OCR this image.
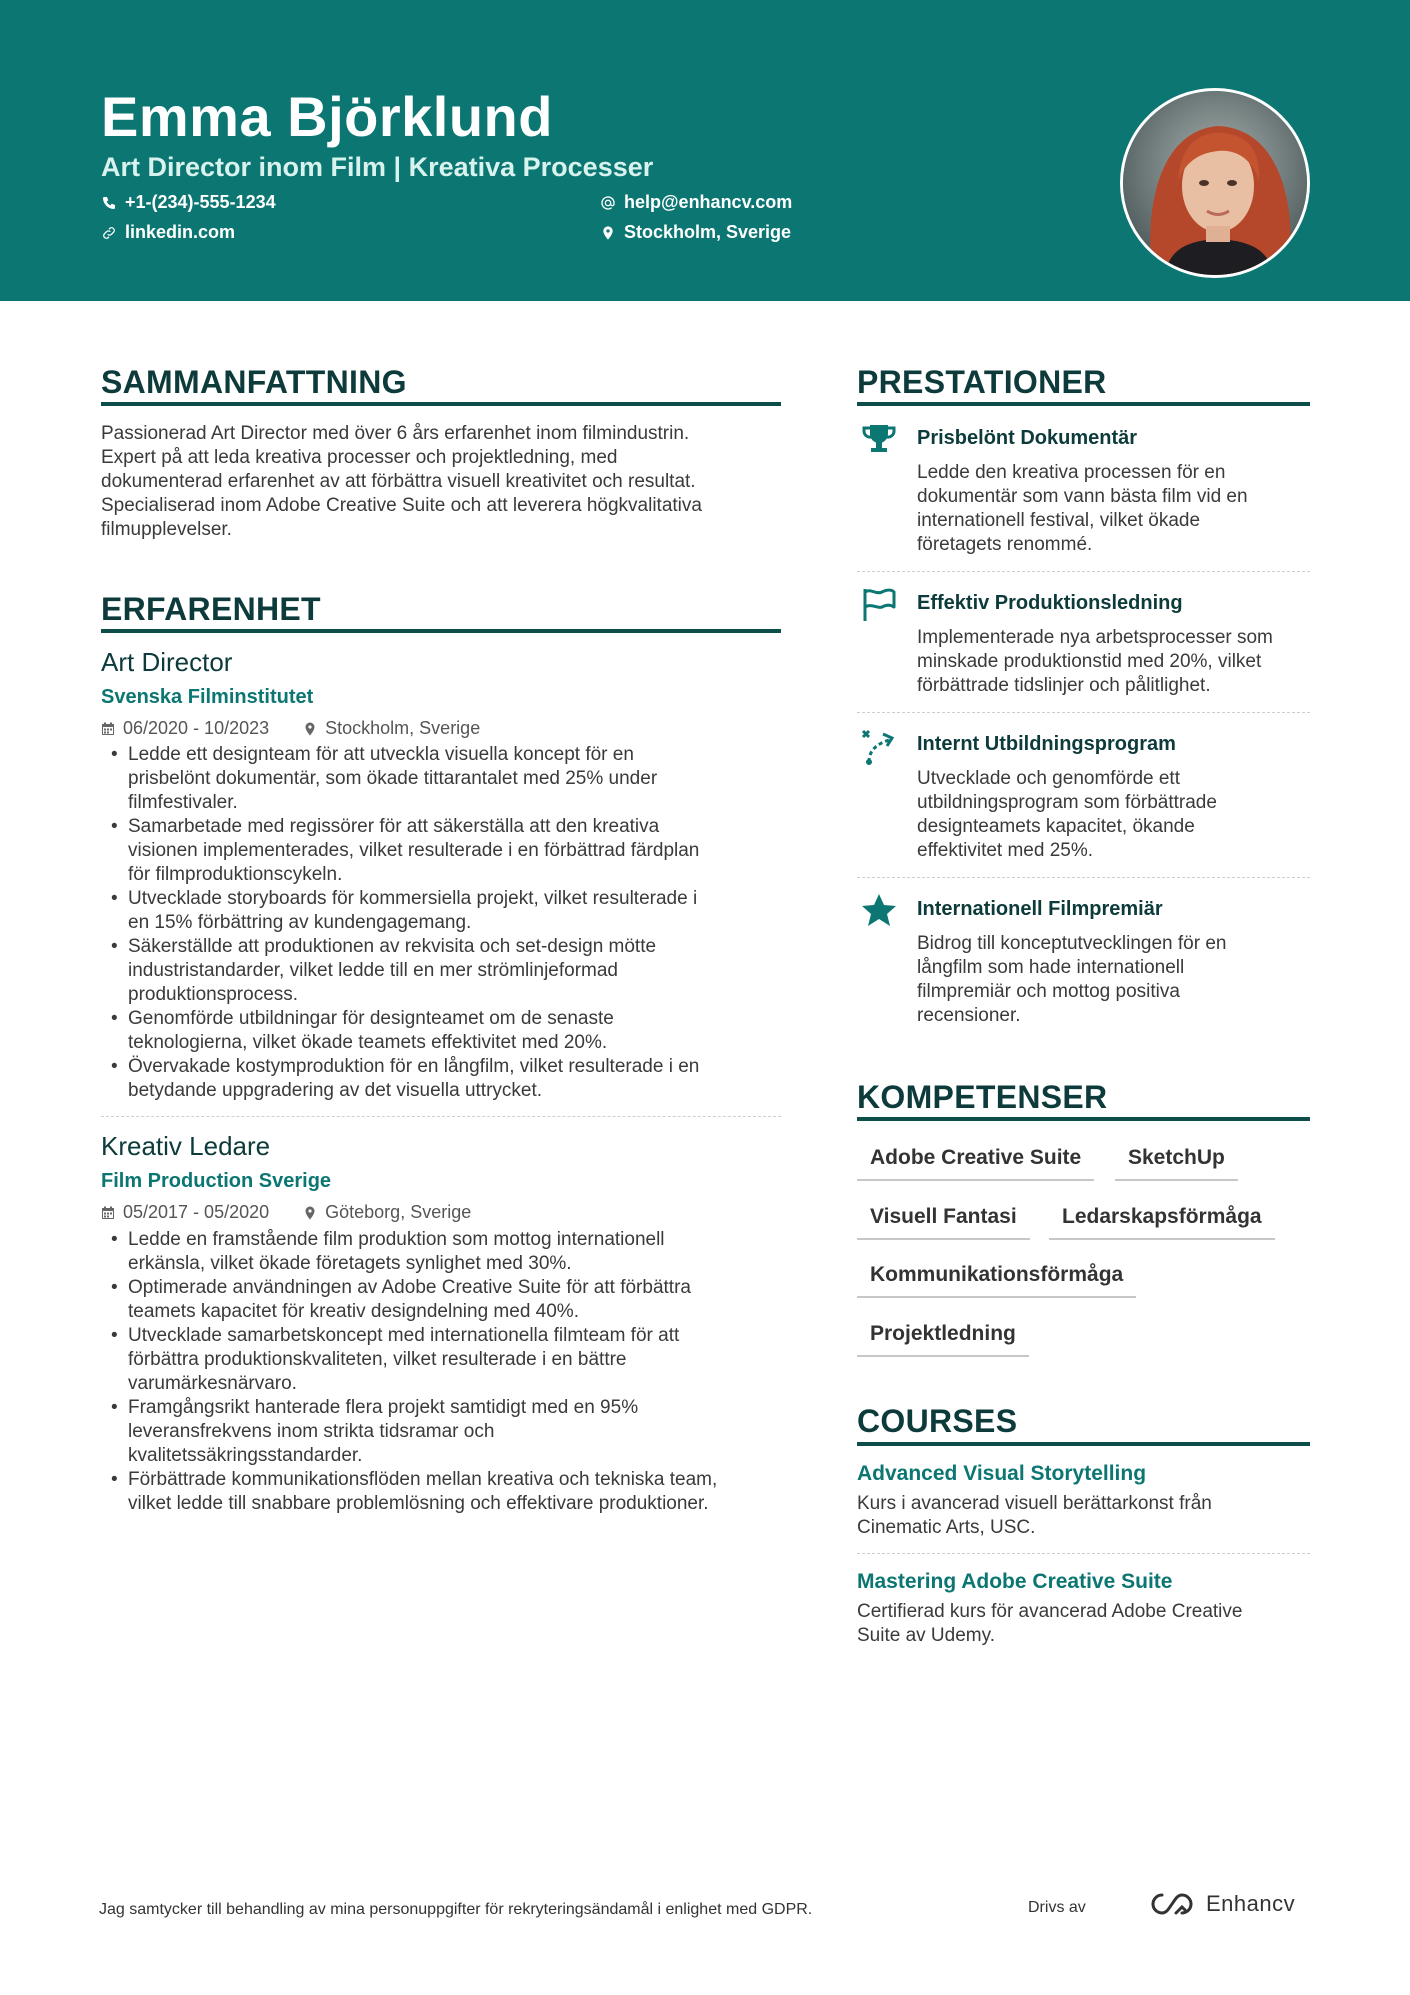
Emma Björklund
Art Director inom Film | Kreativa Processer
+1-(234)-555-1234	help@enhancv.com
linkedin.com	Stockholm, Sverige
SAMMANFATTNING
Passionerad Art Director med över 6 års erfarenhet inom filmindustrin.
Expert på att leda kreativa processer och projektledning, med
dokumenterad erfarenhet av att förbättra visuell kreativitet och resultat.
Specialiserad inom Adobe Creative Suite och att leverera högkvalitativa
filmupplevelser.
ERFARENHET
Art Director
Svenska Filminstitutet
06/2020 - 10/2023	Stockholm, Sverige
• Ledde ett designteam för att utveckla visuella koncept för en
prisbelönt dokumentär, som ökade tittarantalet med 25% under
filmfestivaler.
• Samarbetade med regissörer för att säkerställa att den kreativa
visionen implementerades, vilket resulterade i en förbättrad färdplan
för filmproduktionscykeln.
• Utvecklade storyboards för kommersiella projekt, vilket resulterade i
en 15% förbättring av kundengagemang.
• Säkerställde att produktionen av rekvisita och set-design mötte
industristandarder, vilket ledde till en mer strömlinjeformad
produktionsprocess.
• Genomförde utbildningar för designteamet om de senaste
teknologierna, vilket ökade teamets effektivitet med 20%.
• Övervakade kostymproduktion för en långfilm, vilket resulterade i en
betydande uppgradering av det visuella uttrycket.
Kreativ Ledare
Film Production Sverige
05/2017 - 05/2020	Göteborg, Sverige
• Ledde en framstående film produktion som mottog internationell
erkänsla, vilket ökade företagets synlighet med 30%.
• Optimerade användningen av Adobe Creative Suite för att förbättra
teamets kapacitet för kreativ designdelning med 40%.
• Utvecklade samarbetskoncept med internationella filmteam för att
förbättra produktionskvaliteten, vilket resulterade i en bättre
varumärkesnärvaro.
• Framgångsrikt hanterade flera projekt samtidigt med en 95%
leveransfrekvens inom strikta tidsramar och
kvalitetssäkringsstandarder.
• Förbättrade kommunikationsflöden mellan kreativa och tekniska team,
vilket ledde till snabbare problemlösning och effektivare produktioner.
PRESTATIONER
Prisbelönt Dokumentär
Ledde den kreativa processen för en
dokumentär som vann bästa film vid en
internationell festival, vilket ökade
företagets renommé.
Effektiv Produktionsledning
Implementerade nya arbetsprocesser som
minskade produktionstid med 20%, vilket
förbättrade tidslinjer och pålitlighet.
Internt Utbildningsprogram
Utvecklade och genomförde ett
utbildningsprogram som förbättrade
designteamets kapacitet, ökande
effektivitet med 25%.
Internationell Filmpremiär
Bidrog till konceptutvecklingen för en
långfilm som hade internationell
filmpremiär och mottog positiva
recensioner.
KOMPETENSER
Adobe Creative Suite	SketchUp
Visuell Fantasi	Ledarskapsförmåga
Kommunikationsförmåga
Projektledning
COURSES
Advanced Visual Storytelling
Kurs i avancerad visuell berättarkonst från
Cinematic Arts, USC.
Mastering Adobe Creative Suite
Certifierad kurs för avancerad Adobe Creative
Suite av Udemy.
Jag samtycker till behandling av mina personuppgifter för rekryteringsändamål i enlighet med GDPR.	Drivs av	Enhancv
